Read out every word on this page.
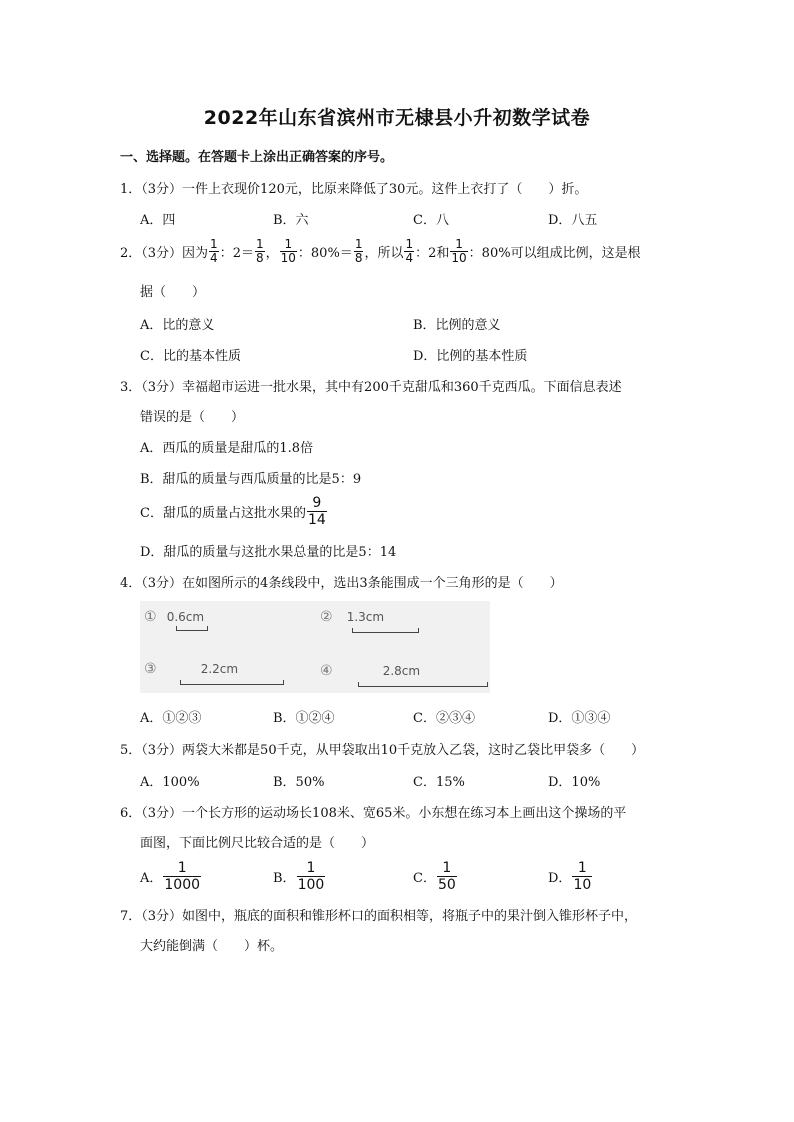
2022年山东省滨州市无棣县小升初数学试卷
一、选择题。在答题卡上涂出正确答案的序号。
1．（3分）一件上衣现价120元，比原来降低了30元。这件上衣打了（　　）折。
A．四	B．六	C．八	D．八五
2．（3分）因为 $\frac{1}{4}$ ：$2= \frac{1}{8}$ ， $\frac{1}{10}$ ：$80\%= \frac{1}{8}$ ，所以 $\frac{1}{4}$ ：2和 $\frac{1}{10}$ ：80%可以组成比例，这是根
据（　　）
A．比的意义	B．比例的意义
C．比的基本性质	D．比例的基本性质
3．（3分）幸福超市运进一批水果，其中有200千克甜瓜和360千克西瓜。下面信息表述
错误的是（　　）
A．西瓜的质量是甜瓜的1.8倍
B．甜瓜的质量与西瓜质量的比是5：9
C．甜瓜的质量占这批水果的 $\frac{9}{14}$
D．甜瓜的质量与这批水果总量的比是5：14
4．（3分）在如图所示的4条线段中，选出3条能围成一个三角形的是（　　）
① 0.6cm	② 1.3cm
③	2.2cm	④	2.8cm
A．①②③	B．①②④	C．②③④	D．①③④
5．（3分）两袋大米都是50千克，从甲袋取出10千克放入乙袋，这时乙袋比甲袋多（　　）
A．100%	B．50%	C．15%	D．10%
6．（3分）一个长方形的运动场长108米、宽65米。小东想在练习本上画出这个操场的平
面图，下面比例尺比较合适的是（　　）
A． $\frac{1}{1000}$	B． $\frac{1}{100}$	C． $\frac{1}{50}$	D． $\frac{1}{10}$
7．（3分）如图中，瓶底的面积和锥形杯口的面积相等，将瓶子中的果汁倒入锥形杯子中，
大约能倒满（　　）杯。
